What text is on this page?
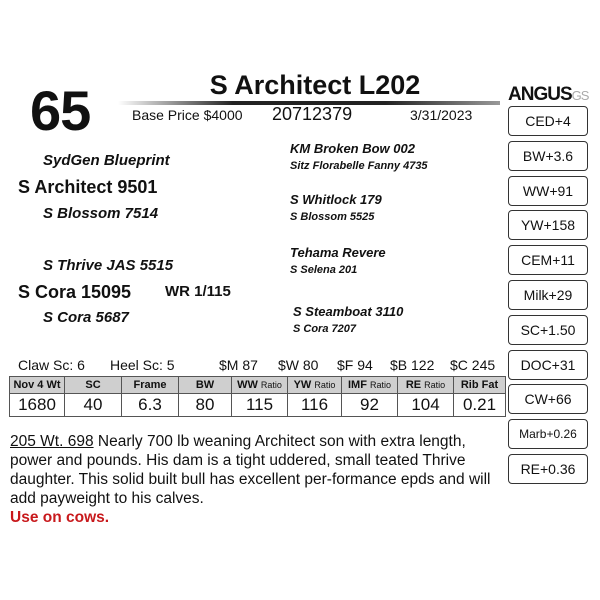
65	S Architect L202
Base Price $4000 20712379	3/31/2023
ANGUSGS
SydGen Blueprint
S Architect 9501
S Blossom 7514
S Thrive JAS 5515
S Cora 15095 WR 1/115
S Cora 5687
KM Broken Bow 002
Sitz Florabelle Fanny 4735
S Whitlock 179
S Blossom 5525
Tehama Revere
S Selena 201
S Steamboat 3110
S Cora 7207
CED+4
BW+3.6
WW+91
YW+158
CEM+11
Milk+29
SC+1.50
DOC+31
CW+66
Marb+0.26
RE+0.36
Claw Sc: 6 Heel Sc: 5	$M 87 $W 80 $F 94 $B 122 $C 245
Nov 4 Wt	SC	Frame	BW	WW Ratio	YW Ratio	IMF Ratio	RE Ratio	Rib Fat
1680	40	6.3	80	115	116	92	104	0.21
205 Wt. 698 Nearly 700 lb weaning Architect son with extra length, power and pounds. His dam is a tight uddered, small teated Thrive daughter. This solid built bull has excellent per-formance epds and will add payweight to his calves.
Use on cows.
